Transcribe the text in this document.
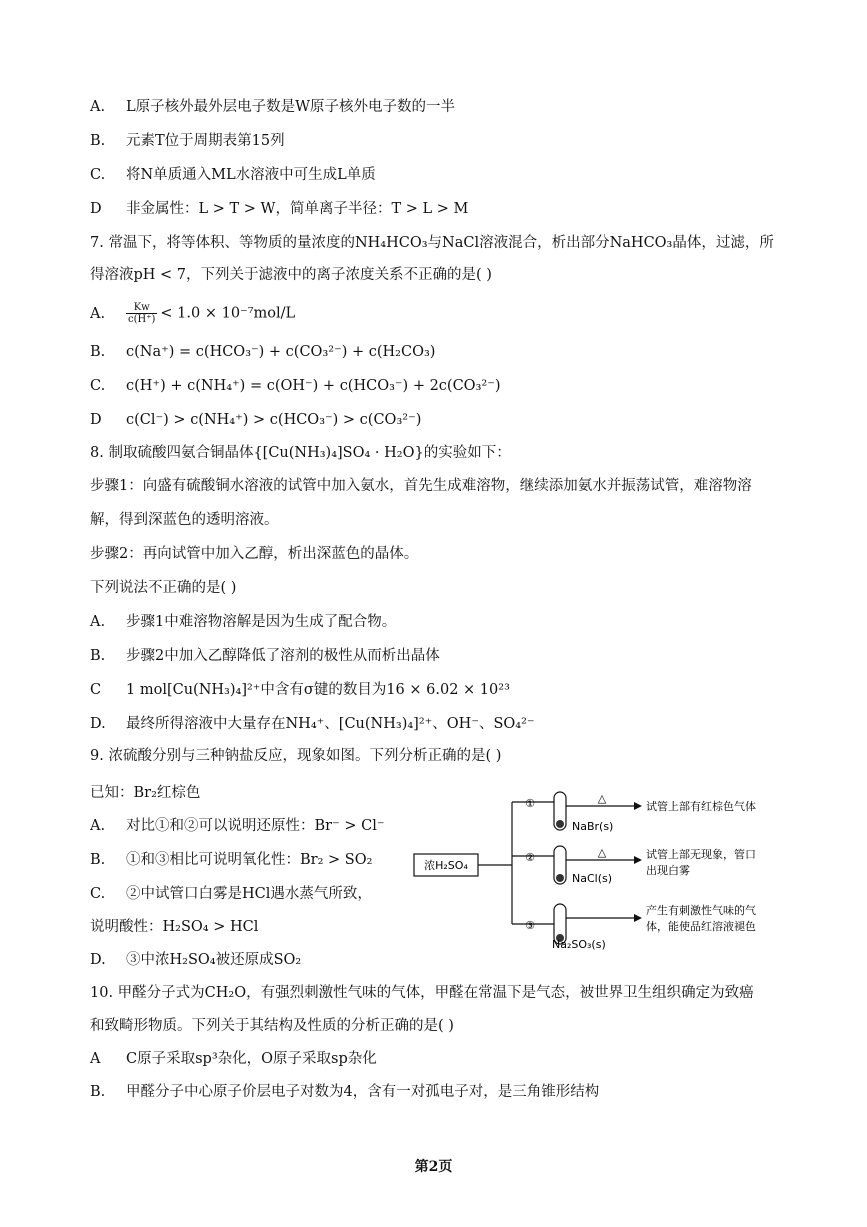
A. L原子核外最外层电子数是W原子核外电子数的一半
B. 元素T位于周期表第15列
C. 将N单质通入ML水溶液中可生成L单质
D 非金属性：L > T > W，简单离子半径：T > L > M
7. 常温下，将等体积、等物质的量浓度的NH₄HCO₃与NaCl溶液混合，析出部分NaHCO₃晶体，过滤，所
得溶液pH < 7，下列关于滤液中的离子浓度关系不正确的是( )
A. $\frac{Kw}{c(H^+)} < 1.0 \times 10^{-7}mol/L$
B. c(Na⁺) = c(HCO₃⁻) + c(CO₃²⁻) + c(H₂CO₃)
C. c(H⁺) + c(NH₄⁺) = c(OH⁻) + c(HCO₃⁻) + 2c(CO₃²⁻)
D c(Cl⁻) > c(NH₄⁺) > c(HCO₃⁻) > c(CO₃²⁻)
8. 制取硫酸四氨合铜晶体{[Cu(NH₃)₄]SO₄ · H₂O}的实验如下：
步骤1：向盛有硫酸铜水溶液的试管中加入氨水，首先生成难溶物，继续添加氨水并振荡试管，难溶物溶
解，得到深蓝色的透明溶液。
步骤2：再向试管中加入乙醇，析出深蓝色的晶体。
下列说法不正确的是( )
A. 步骤1中难溶物溶解是因为生成了配合物。
B. 步骤2中加入乙醇降低了溶剂的极性从而析出晶体
C 1 mol[Cu(NH₃)₄]²⁺中含有σ键的数目为16 × 6.02 × 10²³
D. 最终所得溶液中大量存在NH₄⁺、[Cu(NH₃)₄]²⁺、OH⁻、SO₄²⁻
9. 浓硫酸分别与三种钠盐反应，现象如图。下列分析正确的是( )
已知：Br₂红棕色
A. 对比①和②可以说明还原性：Br⁻ > Cl⁻
B. ①和③相比可说明氧化性：Br₂ > SO₂
C. ②中试管口白雾是HCl遇水蒸气所致，
说明酸性：H₂SO₄ > HCl
D. ③中浓H₂SO₄被还原成SO₂
浓H₂SO₄
①
NaBr(s)
△
试管上部有红棕色气体
②
NaCl(s)
△	试管上部无现象，管口
出现白雾
③
Na₂SO₃(s)
产生有刺激性气味的气
体，能使品红溶液褪色
10. 甲醛分子式为CH₂O，有强烈刺激性气味的气体，甲醛在常温下是气态，被世界卫生组织确定为致癌
和致畸形物质。下列关于其结构及性质的分析正确的是( )
A C原子采取sp³杂化，O原子采取sp杂化
B. 甲醛分子中心原子价层电子对数为4，含有一对孤电子对，是三角锥形结构
第2页
